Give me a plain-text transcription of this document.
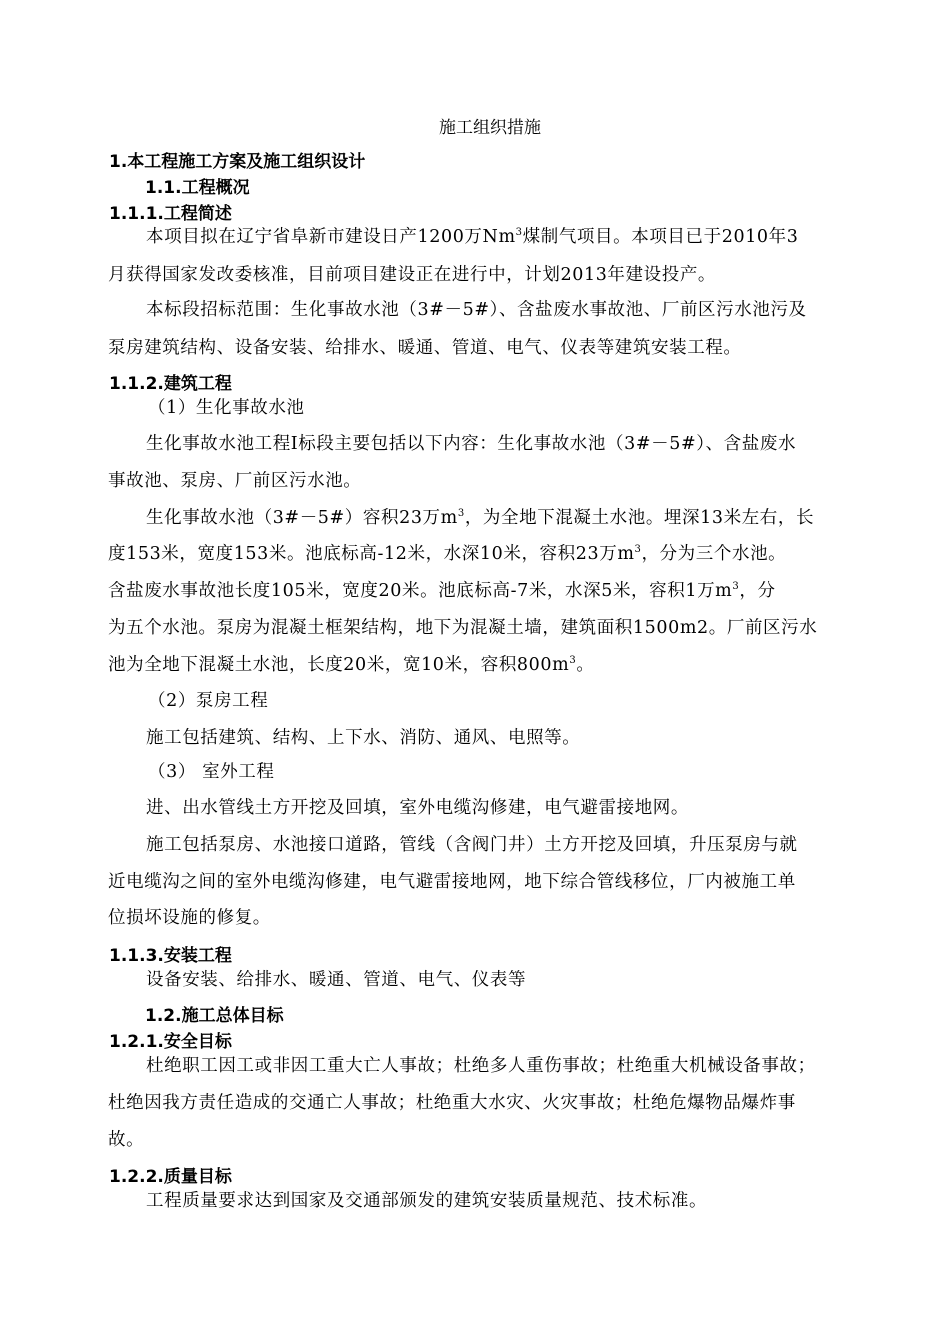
施工组织措施
1.本工程施工方案及施工组织设计
1.1.工程概况
1.1.1.工程简述
本项目拟在辽宁省阜新市建设日产1200万Nm$^3$煤制气项目。本项目已于2010年3
月获得国家发改委核准，目前项目建设正在进行中，计划2013年建设投产。
本标段招标范围：生化事故水池（3#－5#）、含盐废水事故池、厂前区污水池污及
泵房建筑结构、设备安装、给排水、暖通、管道、电气、仪表等建筑安装工程。
1.1.2.建筑工程
（1）生化事故水池
生化事故水池工程Ⅰ标段主要包括以下内容：生化事故水池（3#－5#）、含盐废水
事故池、泵房、厂前区污水池。
生化事故水池（3#－5#）容积23万$m^3$，为全地下混凝土水池。埋深13米左右，长
度153米，宽度153米。池底标高-12米，水深10米，容积23万$m^3$，分为三个水池。
含盐废水事故池长度105米，宽度20米。池底标高-7米，水深5米，容积1万$m^3$，分
为五个水池。泵房为混凝土框架结构，地下为混凝土墙，建筑面积1500m2。厂前区污水
池为全地下混凝土水池，长度20米，宽10米，容积$800m^3$。
（2）泵房工程
施工包括建筑、结构、上下水、消防、通风、电照等。
（3） 室外工程
进、出水管线土方开挖及回填，室外电缆沟修建，电气避雷接地网。
施工包括泵房、水池接口道路，管线（含阀门井）土方开挖及回填，升压泵房与就
近电缆沟之间的室外电缆沟修建，电气避雷接地网，地下综合管线移位，厂内被施工单
位损坏设施的修复。
1.1.3.安装工程
设备安装、给排水、暖通、管道、电气、仪表等
1.2.施工总体目标
1.2.1.安全目标
杜绝职工因工或非因工重大亡人事故；杜绝多人重伤事故；杜绝重大机械设备事故；
杜绝因我方责任造成的交通亡人事故；杜绝重大水灾、火灾事故；杜绝危爆物品爆炸事
故。
1.2.2.质量目标
工程质量要求达到国家及交通部颁发的建筑安装质量规范、技术标准。
